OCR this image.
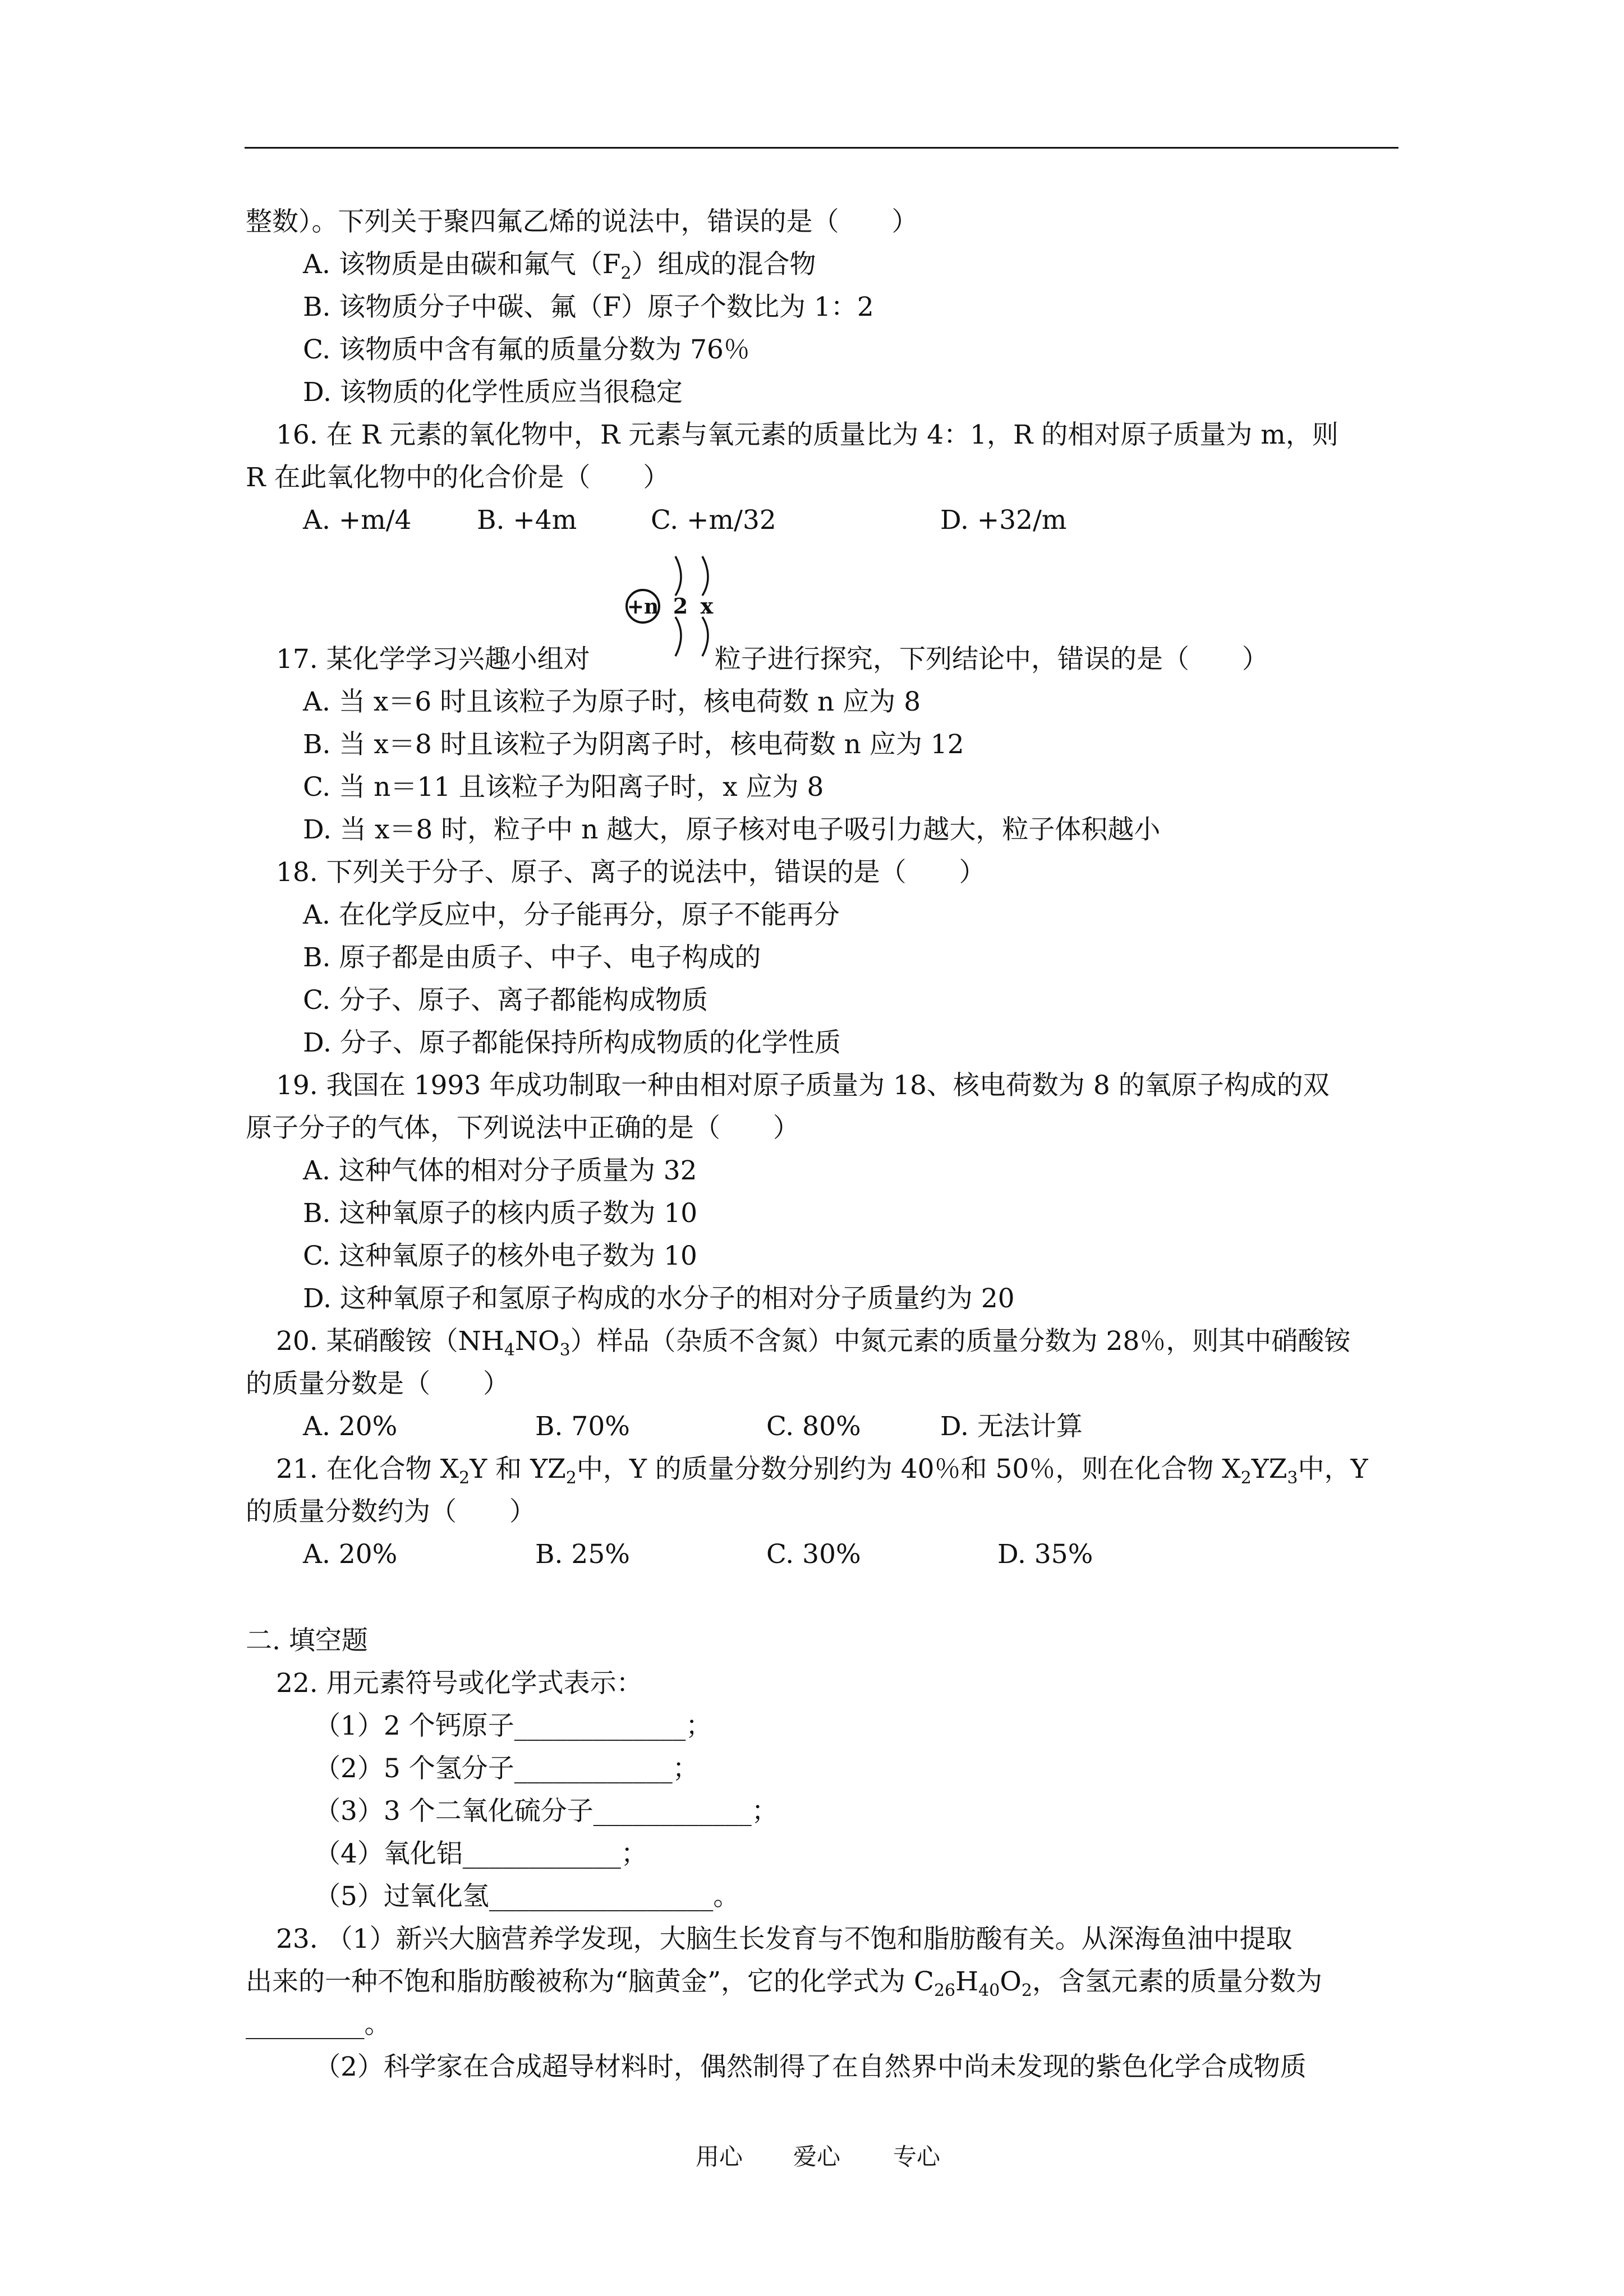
整数）。下列关于聚四氟乙烯的说法中，错误的是（　　）
A. 该物质是由碳和氟气$(F_2)$组成的混合物
B. 该物质分子中碳、氟（F）原子个数比为 1：2
C. 该物质中含有氟的质量分数为 76％
D. 该物质的化学性质应当很稳定
16. 在 R 元素的氧化物中，R 元素与氧元素的质量比为 4：1，R 的相对原子质量为 m，则
R 在此氧化物中的化合价是（　　）
A. +m/4 B. +4m	C. +m/32	D. +32/m
+n 2 x
17. 某化学学习兴趣小组对	粒子进行探究，下列结论中，错误的是（　　）
A. 当 x＝6 时且该粒子为原子时，核电荷数 n 应为 8
B. 当 x＝8 时且该粒子为阴离子时，核电荷数 n 应为 12
C. 当 n＝11 且该粒子为阳离子时，x 应为 8
D. 当 x＝8 时，粒子中 n 越大，原子核对电子吸引力越大，粒子体积越小
18. 下列关于分子、原子、离子的说法中，错误的是（　　）
A. 在化学反应中，分子能再分，原子不能再分
B. 原子都是由质子、中子、电子构成的
C. 分子、原子、离子都能构成物质
D. 分子、原子都能保持所构成物质的化学性质
19. 我国在 1993 年成功制取一种由相对原子质量为 18、核电荷数为 8 的氧原子构成的双
原子分子的气体，下列说法中正确的是（　　）
A. 这种气体的相对分子质量为 32
B. 这种氧原子的核内质子数为 10
C. 这种氧原子的核外电子数为 10
D. 这种氧原子和氢原子构成的水分子的相对分子质量约为 20
20. 某硝酸铵$(NH_4NO_3)$样品（杂质不含氮）中氮元素的质量分数为 28％，则其中硝酸铵
的质量分数是（　　）
A. 20%	B. 70%	C. 80%	D. 无法计算
21. 在化合物 $X_2Y$ 和 $YZ_2$中，Y 的质量分数分别约为 40％和 50％，则在化合物 $X_2YZ_3$中，Y
的质量分数约为（　　）
A. 20%	B. 25%	C. 30%	D. 35%
二. 填空题
22. 用元素符号或化学式表示：
（1）2 个钙原子_____________；
（2）5 个氢分子____________；
（3）3 个二氧化硫分子____________；
（4）氧化铝____________；
（5）过氧化氢_________________。
23. （1）新兴大脑营养学发现，大脑生长发育与不饱和脂肪酸有关。从深海鱼油中提取
出来的一种不饱和脂肪酸被称为“脑黄金”，它的化学式为 $C_{26}H_{40}O_2$，含氢元素的质量分数为
_________。
（2）科学家在合成超导材料时，偶然制得了在自然界中尚未发现的紫色化学合成物质
用心 爱心 专心
